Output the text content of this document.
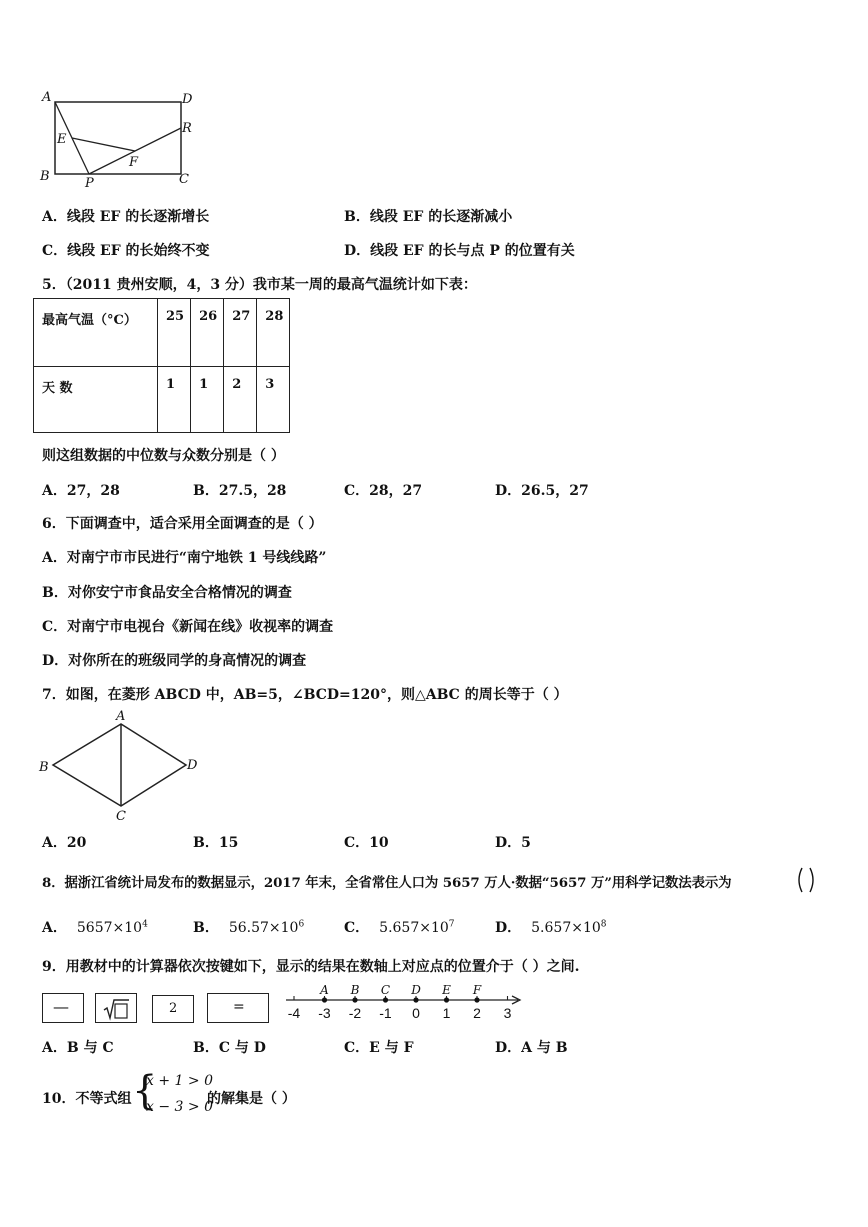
A	D
E
R
F
B	P	C
A．线段 EF 的长逐渐增长	B．线段 EF 的长逐渐减小
C．线段 EF 的长始终不变	D．线段 EF 的长与点 P 的位置有关
5．（2011 贵州安顺，4，3 分）我市某一周的最高气温统计如下表：
最高气温（°C）	25	26	27	28
天 数	1	1	2	3
则这组数据的中位数与众数分别是（ ）
A．27，28	B．27.5，28	C．28，27	D．26.5，27
6．下面调查中，适合采用全面调查的是（ ）
A．对南宁市市民进行“南宁地铁 1 号线线路”
B．对你安宁市食品安全合格情况的调查
C．对南宁市电视台《新闻在线》收视率的调查
D．对你所在的班级同学的身高情况的调查
7．如图，在菱形 ABCD 中，AB=5，∠BCD=120°，则△ABC 的周长等于（ ）
A
B
C
D
A．20	B．15	C．10	D．5
8．据浙江省统计局发布的数据显示，2017 年末，全省常住人口为 5657 万人·数据“5657 万”用科学记数法表示为
A． $5657\times 10^4$	B． $56.57\times 10^6$	C． $5.657\times 10^7$	D． $5.657\times 10^8$
9．用教材中的计算器依次按键如下，显示的结果在数轴上对应点的位置介于（ ）之间.
—	2	=	-4 -3 -2 -1 0 1 2 3
A B C D E F
A．B 与 C	B．C 与 D	C．E 与 F	D．A 与 B
10．不等式组 {
x + 1 > 0
x − 3 > 0
的解集是（ ）
